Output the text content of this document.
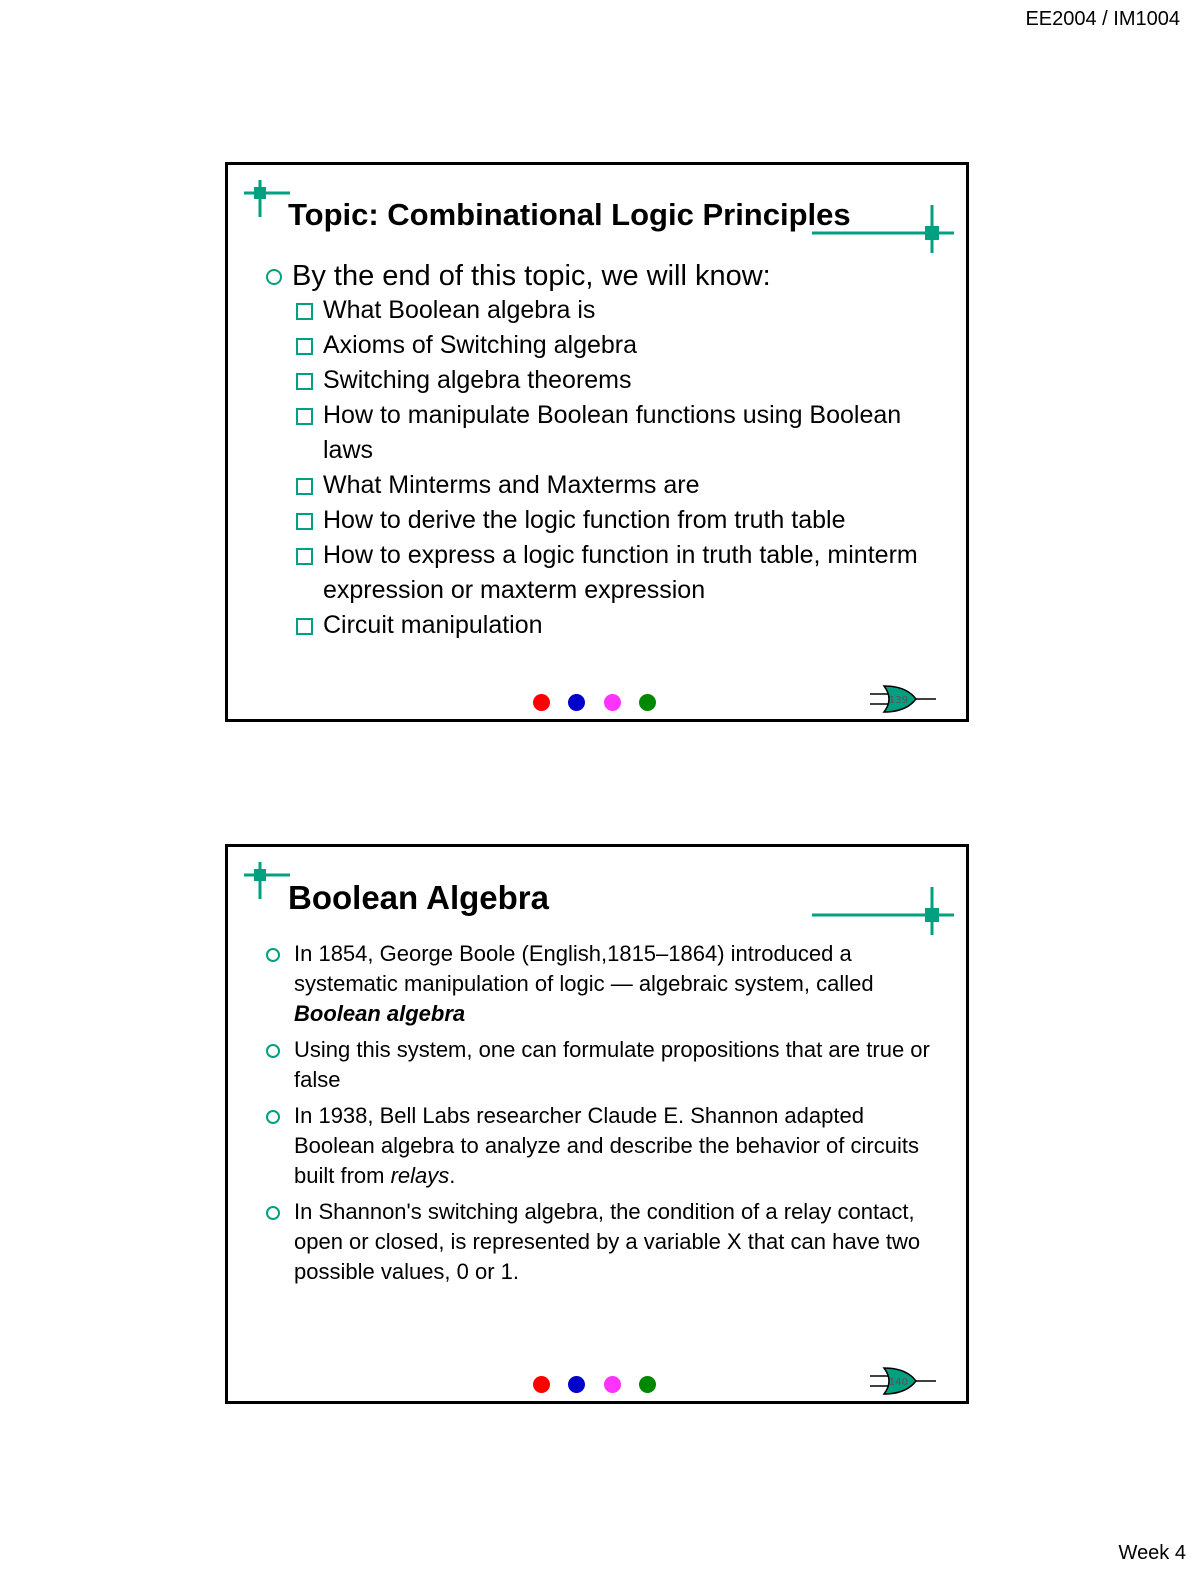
EE2004 / IM1004
Topic: Combinational Logic Principles
By the end of this topic, we will know:
What Boolean algebra is
Axioms of Switching algebra
Switching algebra theorems
How to manipulate Boolean functions using Boolean laws
What Minterms and Maxterms are
How to derive the logic function from truth table
How to express a logic function in truth table, minterm expression or maxterm expression
Circuit manipulation
139
Boolean Algebra
In 1854, George Boole (English,1815–1864) introduced a systematic manipulation of logic — algebraic system, called Boolean algebra
Using this system, one can formulate propositions that are true or false
In 1938, Bell Labs researcher Claude E. Shannon adapted Boolean algebra to analyze and describe the behavior of circuits built from relays.
In Shannon's switching algebra, the condition of a relay contact, open or closed, is represented by a variable X that can have two possible values, 0 or 1.
140
Week 4
